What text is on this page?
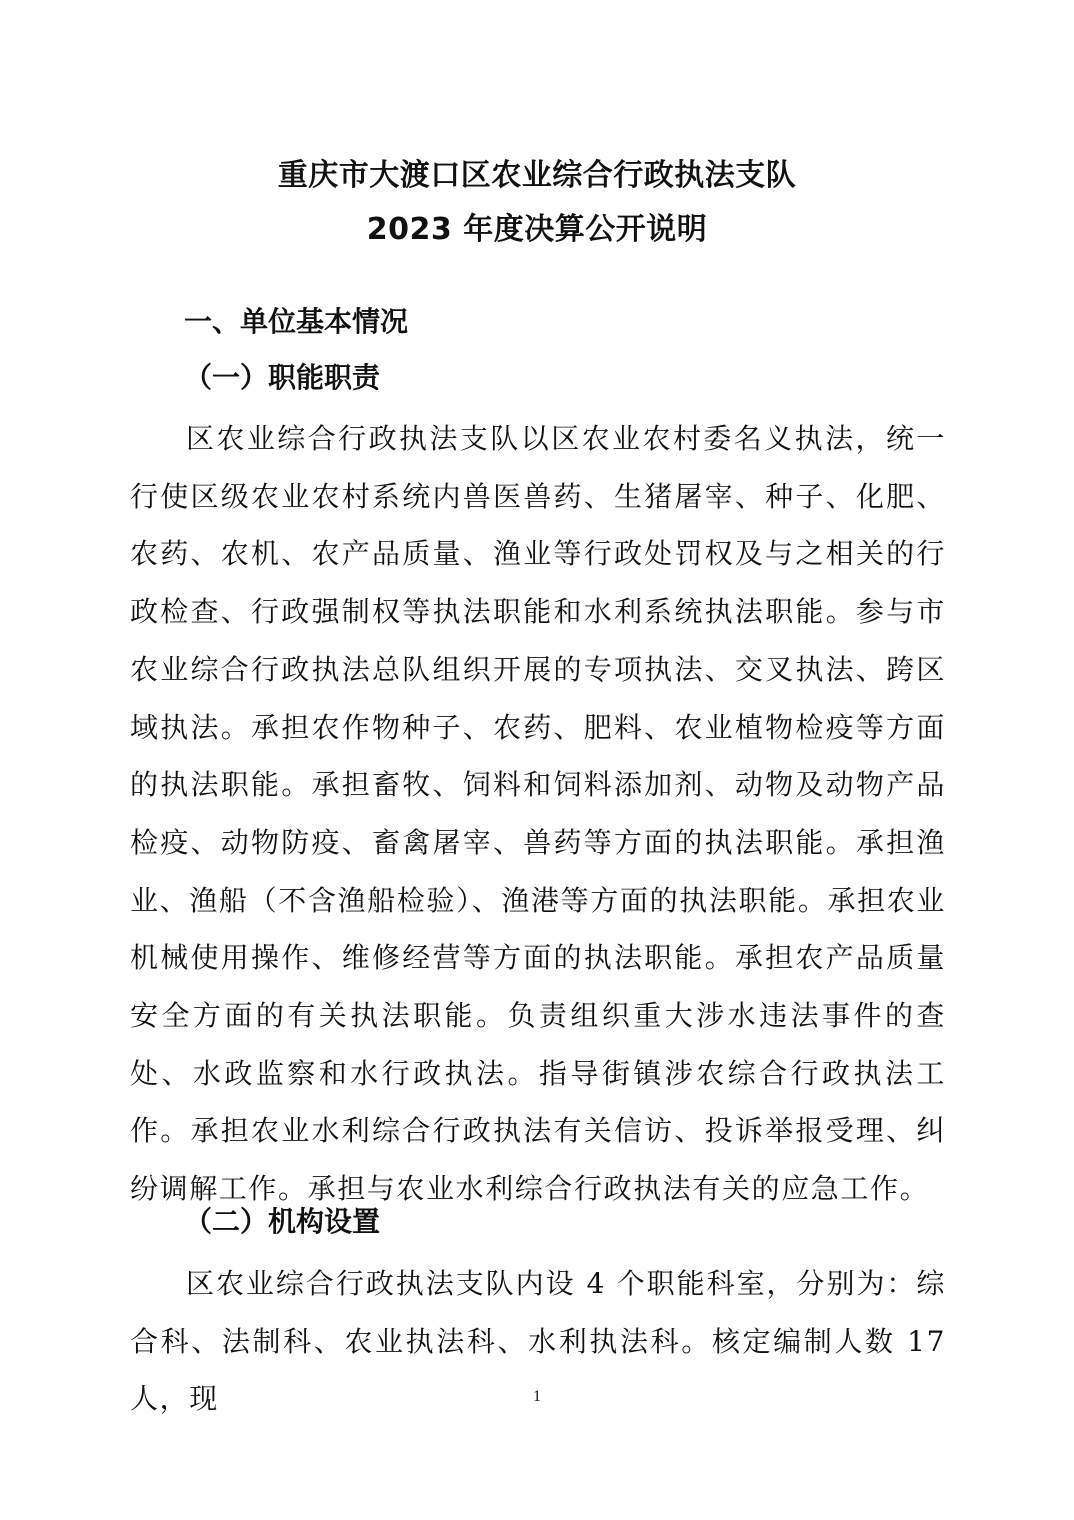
重庆市大渡口区农业综合行政执法支队
2023 年度决算公开说明
一、单位基本情况
（一）职能职责
区农业综合行政执法支队以区农业农村委名义执法，统一行使区级农业农村系统内兽医兽药、生猪屠宰、种子、化肥、农药、农机、农产品质量、渔业等行政处罚权及与之相关的行政检查、行政强制权等执法职能和水利系统执法职能。参与市农业综合行政执法总队组织开展的专项执法、交叉执法、跨区域执法。承担农作物种子、农药、肥料、农业植物检疫等方面的执法职能。承担畜牧、饲料和饲料添加剂、动物及动物产品检疫、动物防疫、畜禽屠宰、兽药等方面的执法职能。承担渔业、渔船（不含渔船检验）、渔港等方面的执法职能。承担农业机械使用操作、维修经营等方面的执法职能。承担农产品质量安全方面的有关执法职能。负责组织重大涉水违法事件的查处、水政监察和水行政执法。指导街镇涉农综合行政执法工作。承担农业水利综合行政执法有关信访、投诉举报受理、纠纷调解工作。承担与农业水利综合行政执法有关的应急工作。
（二）机构设置
区农业综合行政执法支队内设 4 个职能科室，分别为：综合科、法制科、农业执法科、水利执法科。核定编制人数 17 人，现	1
